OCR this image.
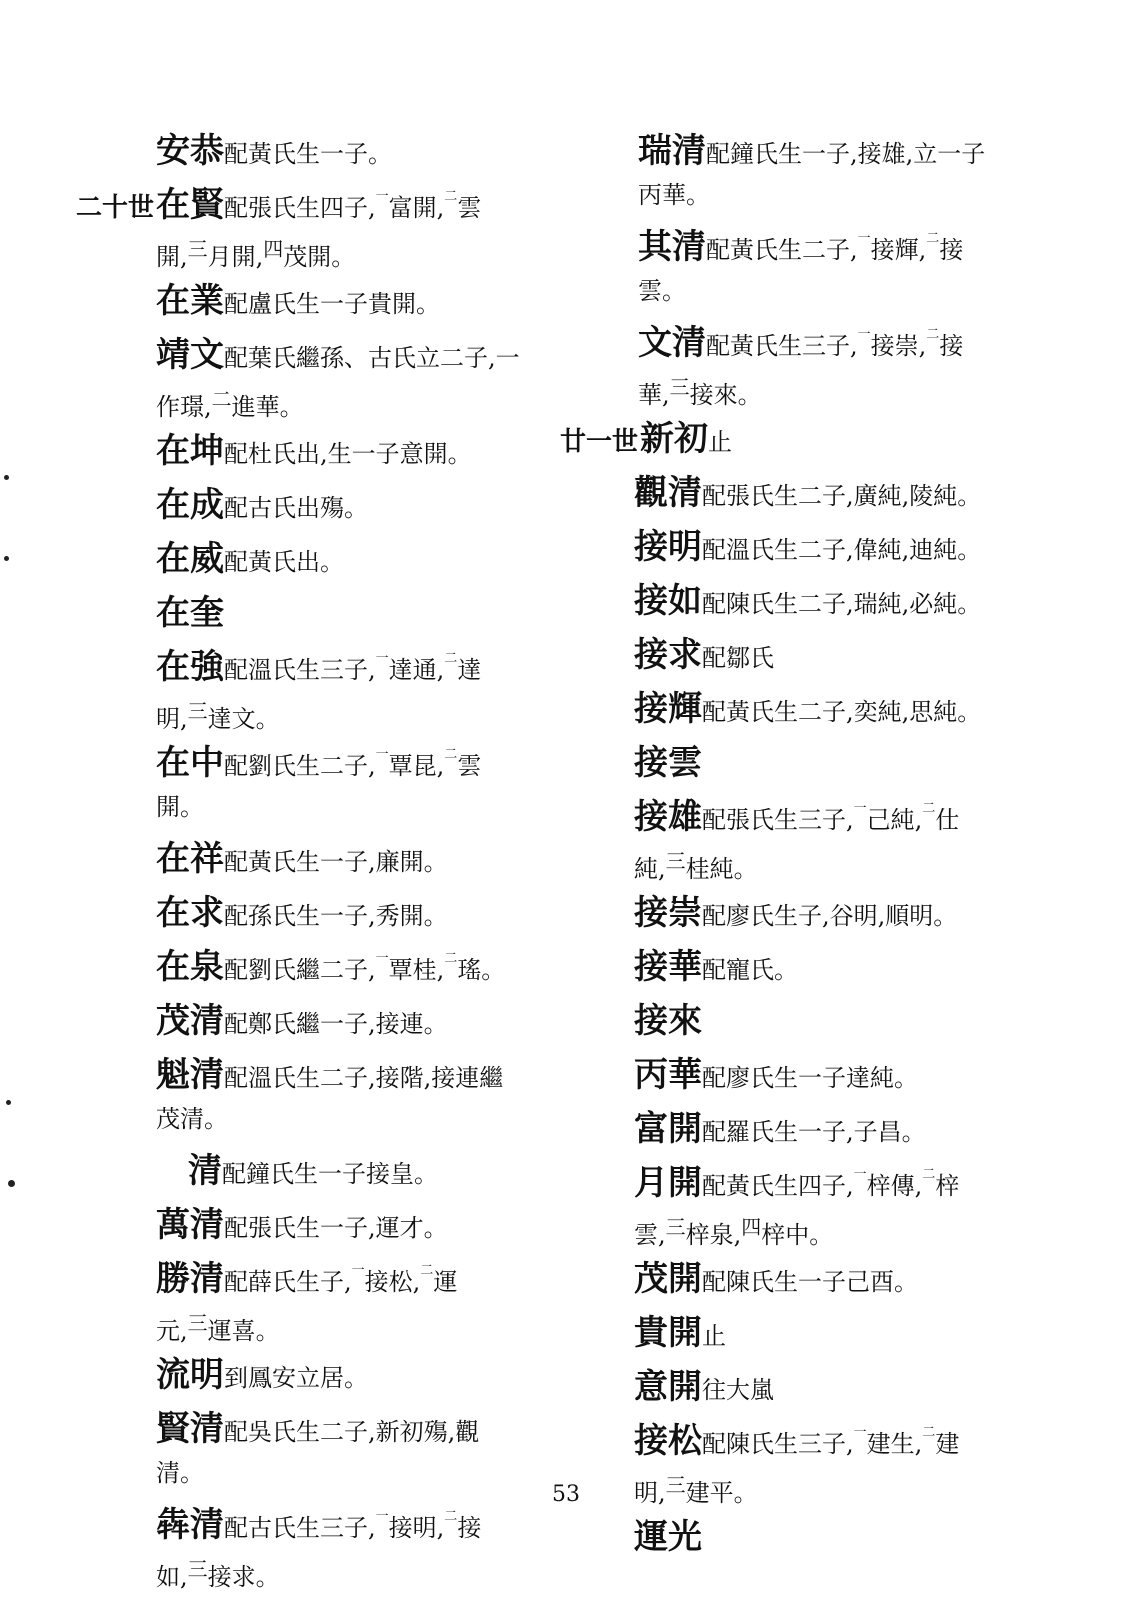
安恭配黃氏生一子。
二十世在賢配張氏生四子,$^一$富開,$^二$雲
開,$^三$月開,$^四$茂開。
在業配盧氏生一子貴開。
靖文配葉氏繼孫、古氏立二子,一
作璟,$^二$進華。
在坤配杜氏出,生一子意開。
在成配古氏出殤。
在威配黃氏出。
在奎
在強配溫氏生三子,$^一$達通,$^二$達
明,$^三$達文。
在中配劉氏生二子,$^一$覃昆,$^二$雲
開。
在祥配黃氏生一子,廉開。
在求配孫氏生一子,秀開。
在泉配劉氏繼二子,$^一$覃桂,$^二$瑤。
茂清配鄭氏繼一子,接連。
魁清配溫氏生二子,接階,接連繼
茂清。
清配鐘氏生一子接皇。
萬清配張氏生一子,運才。
勝清配薛氏生子,$^一$接松,$^二$運
元,$^三$運喜。
流明到鳳安立居。
賢清配吳氏生二子,新初殤,觀
清。
犇清配古氏生三子,$^一$接明,$^二$接
如,$^三$接求。
瑞清配鐘氏生一子,接雄,立一子
丙華。
其清配黃氏生二子,$^一$接輝,$^二$接
雲。
文清配黃氏生三子,$^一$接崇,$^二$接
華,$^三$接來。
廿一世新初止
觀清配張氏生二子,廣純,陵純。
接明配溫氏生二子,偉純,迪純。
接如配陳氏生二子,瑞純,必純。
接求配鄒氏
接輝配黃氏生二子,奕純,思純。
接雲
接雄配張氏生三子,$^一$己純,$^二$仕
純,$^三$桂純。
接崇配廖氏生子,谷明,順明。
接華配寵氏。
接來
丙華配廖氏生一子達純。
富開配羅氏生一子,子昌。
月開配黃氏生四子,$^一$梓傳,$^二$梓
雲,$^三$梓泉,$^四$梓中。
茂開配陳氏生一子己酉。
貴開止
意開往大嵐
接松配陳氏生三子,$^一$建生,$^二$建
明,$^三$建平。
運光
53
